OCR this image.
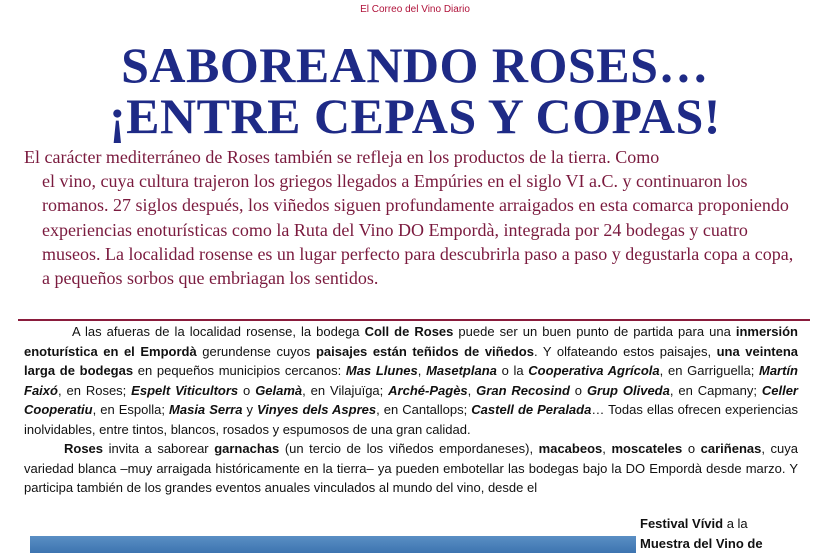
El Correo del Vino Diario
SABOREANDO ROSES…
¡ENTRE CEPAS Y COPAS!
El carácter mediterráneo de Roses también se refleja en los productos de la tierra. Como
el vino, cuya cultura trajeron los griegos llegados a Empúries en el siglo VI a.C. y continuaron los romanos. 27 siglos después, los viñedos siguen profundamente arraigados en esta comarca proponiendo experiencias enoturísticas como la Ruta del Vino DO Empordà, integrada por 24 bodegas y cuatro museos. La localidad rosense es un lugar perfecto para descubrirla paso a paso y degustarla copa a copa, a pequeños sorbos que embriagan los sentidos.

A las afueras de la localidad rosense, la bodega Coll de Roses puede ser un buen punto de partida para una inmersión enoturística en el Empordà gerundense cuyos paisajes están teñidos de viñedos. Y olfateando estos paisajes, una veintena larga de bodegas en pequeños municipios cercanos: Mas Llunes, Masetplana o la Cooperativa Agrícola, en Garriguella; Martín Faixó, en Roses; Espelt Viticultors o Gelamà, en Vilajuïga; Arché-Pagès, Gran Recosind o Grup Oliveda, en Capmany; Celler Cooperatiu, en Espolla; Masia Serra y Vinyes dels Aspres, en Cantallops; Castell de Peralada… Todas ellas ofrecen experiencias inolvidables, entre tintos, blancos, rosados y espumosos de una gran calidad.

Roses invita a saborear garnachas (un tercio de los viñedos empordaneses), macabeos, moscateles o cariñenas, cuya variedad blanca –muy arraigada históricamente en la tierra– ya pueden embotellar las bodegas bajo la DO Empordà desde marzo. Y participa también de los grandes eventos anuales vinculados al mundo del vino, desde el

Festival Vívid a la
Muestra del Vino de
